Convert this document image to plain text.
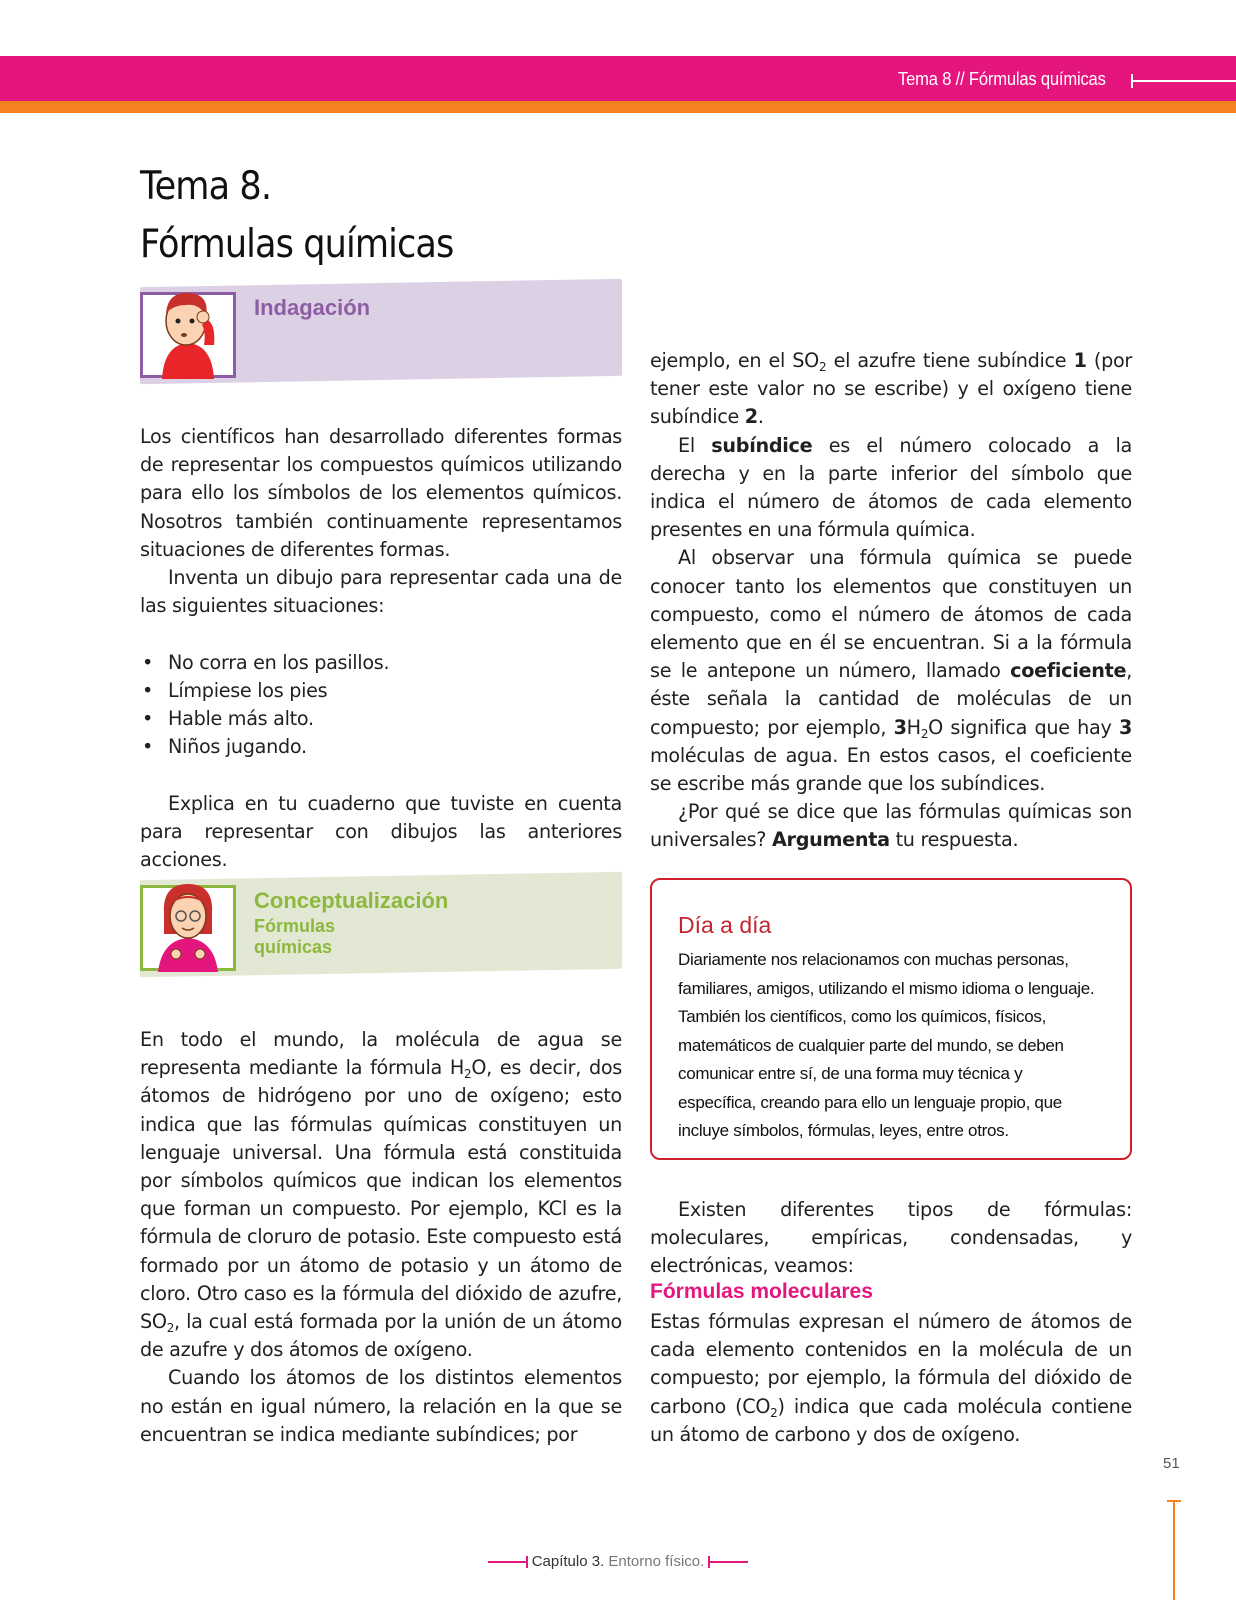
Tema 8 // Fórmulas químicas
Tema 8.
Fórmulas químicas
Indagación

Los científicos han desarrollado diferentes formas de representar los compuestos químicos utilizando para ello los símbolos de los elementos químicos. Nosotros también continuamente representamos situaciones de diferentes formas.

Inventa un dibujo para representar cada una de las siguientes situaciones:

• No corra en los pasillos.
• Límpiese los pies
• Hable más alto.
• Niños jugando.

Explica en tu cuaderno que tuviste en cuenta para representar con dibujos las anteriores acciones.

Conceptualización
Fórmulas químicas

En todo el mundo, la molécula de agua se representa mediante la fórmula $H_2O$, es decir, dos átomos de hidrógeno por uno de oxígeno; esto indica que las fórmulas químicas constituyen un lenguaje universal. Una fórmula está constituida por símbolos químicos que indican los elementos que forman un compuesto. Por ejemplo, KCl es la fórmula de cloruro de potasio. Este compuesto está formado por un átomo de potasio y un átomo de cloro. Otro caso es la fórmula del dióxido de azufre, $SO_2$, la cual está formada por la unión de un átomo de azufre y dos átomos de oxígeno.

Cuando los átomos de los distintos elementos no están en igual número, la relación en la que se encuentran se indica mediante subíndices; por

ejemplo, en el $SO_2$ el azufre tiene subíndice 1 (por tener este valor no se escribe) y el oxígeno tiene subíndice 2.

El subíndice es el número colocado a la derecha y en la parte inferior del símbolo que indica el número de átomos de cada elemento presentes en una fórmula química.

Al observar una fórmula química se puede conocer tanto los elementos que constituyen un compuesto, como el número de átomos de cada elemento que en él se encuentran. Si a la fórmula se le antepone un número, llamado coeficiente, éste señala la cantidad de moléculas de un compuesto; por ejemplo, $3H_2O$ significa que hay 3 moléculas de agua. En estos casos, el coeficiente se escribe más grande que los subíndices.

¿Por qué se dice que las fórmulas químicas son universales? Argumenta tu respuesta.

Día a día
Diariamente nos relacionamos con muchas personas, familiares, amigos, utilizando el mismo idioma o lenguaje. También los científicos, como los químicos, físicos, matemáticos de cualquier parte del mundo, se deben comunicar entre sí, de una forma muy técnica y específica, creando para ello un lenguaje propio, que incluye símbolos, fórmulas, leyes, entre otros.

Existen diferentes tipos de fórmulas: moleculares, empíricas, condensadas, y electrónicas, veamos:

Fórmulas moleculares

Estas fórmulas expresan el número de átomos de cada elemento contenidos en la molécula de un compuesto; por ejemplo, la fórmula del dióxido de carbono $(CO_2)$ indica que cada molécula contiene un átomo de carbono y dos de oxígeno.

51
Capítulo 3. Entorno físico.
